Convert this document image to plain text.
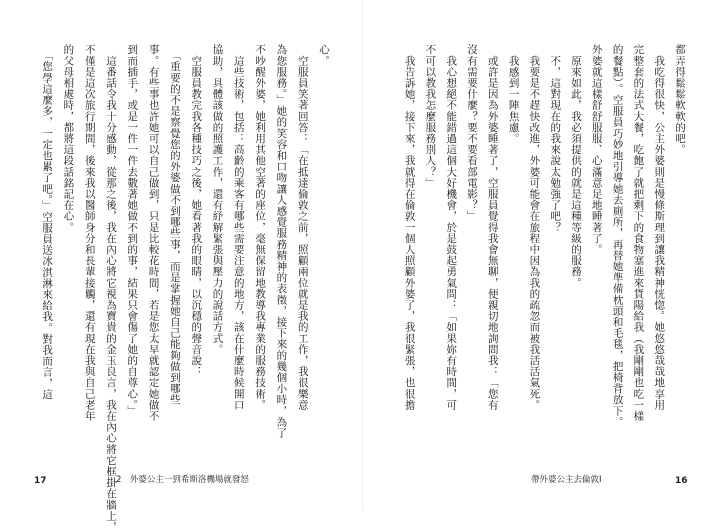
心。
　空服員笑著回答：「在抵達倫敦之前，照顧兩位就是我的工作，我很樂意
為您服務。」她的笑容和口吻讓人感覺服務精神的表徵，接下來的幾個小時，為了
不吵醒外婆，她利用其他空著的座位，毫無保留地教導我專業的服務技術。
　這些技術，包括：高齡的乘客有哪些需要注意的地方，該在什麼時候開口
協助，具體該做的照護工作，還有紓解緊張與壓力的說話方式。
　空服員教完我各種技巧之後，她看著我的眼睛，以沉穩的聲音說：
　「重要的不是察覺您的外婆做不到哪些事，而是掌握她自己能夠做到哪些
事。有些事也許她可以自己做到，只是比較花時間，若是您太早就認定她做不
到而插手，或是一件一件去數著她做不到的事，結果只會傷了她的自尊心。」
　這番話令我十分感動，從那之後，我在內心將它視為寶貴的金玉良言，我在內心將它框掛在牆上，
不僅是這次旅行期間，後來我以醫師身分和長輩接觸，還有現在我與自己老年
的父母相處時，都將這段話銘記在心。
　「您學這麼多，一定也累了吧。」空服員送冰淇淋來給我。對我而言，這
17	2　外婆公主一到希斯洛機場就發怒
都弄得鬆鬆軟軟的吧。
　我吃得很快，公主外婆則是慢條斯理到讓我精神恍惚。她悠悠哉哉地享用
完整套的法式大餐，吃飽了就把剩下的食物塞進來貨陽給我（我剛剛也吃一樣
的餐點）。空服員巧妙地引導她去廁所，再替她準備枕頭和毛毯，把椅背放下。
外婆就這樣舒舒服服、心滿意足地睡著了。
　原來如此，我必須提供的就是這種等級的服務。
　不，這對現在的我來說太勉強了吧？
　我要是不趕快改進，外婆可能會在旅程中因為我的疏忽而被我活活氣死。
　我感到一陣焦慮。
　或許是因為外婆睡著了，空服員覺得我會無聊，便親切地詢問我：「您有
沒有需要什麼？要不要看部電影？」
　我心想絕不能錯過這個大好機會，於是鼓起勇氣問：「如果妳有時間，可
不可以教我怎麼服務別人？」
　我告訴她，接下來，我就得在倫敦一個人照顧外婆了，我很緊張，也很擔
帶外婆公主去倫敦Ⅰ	16
